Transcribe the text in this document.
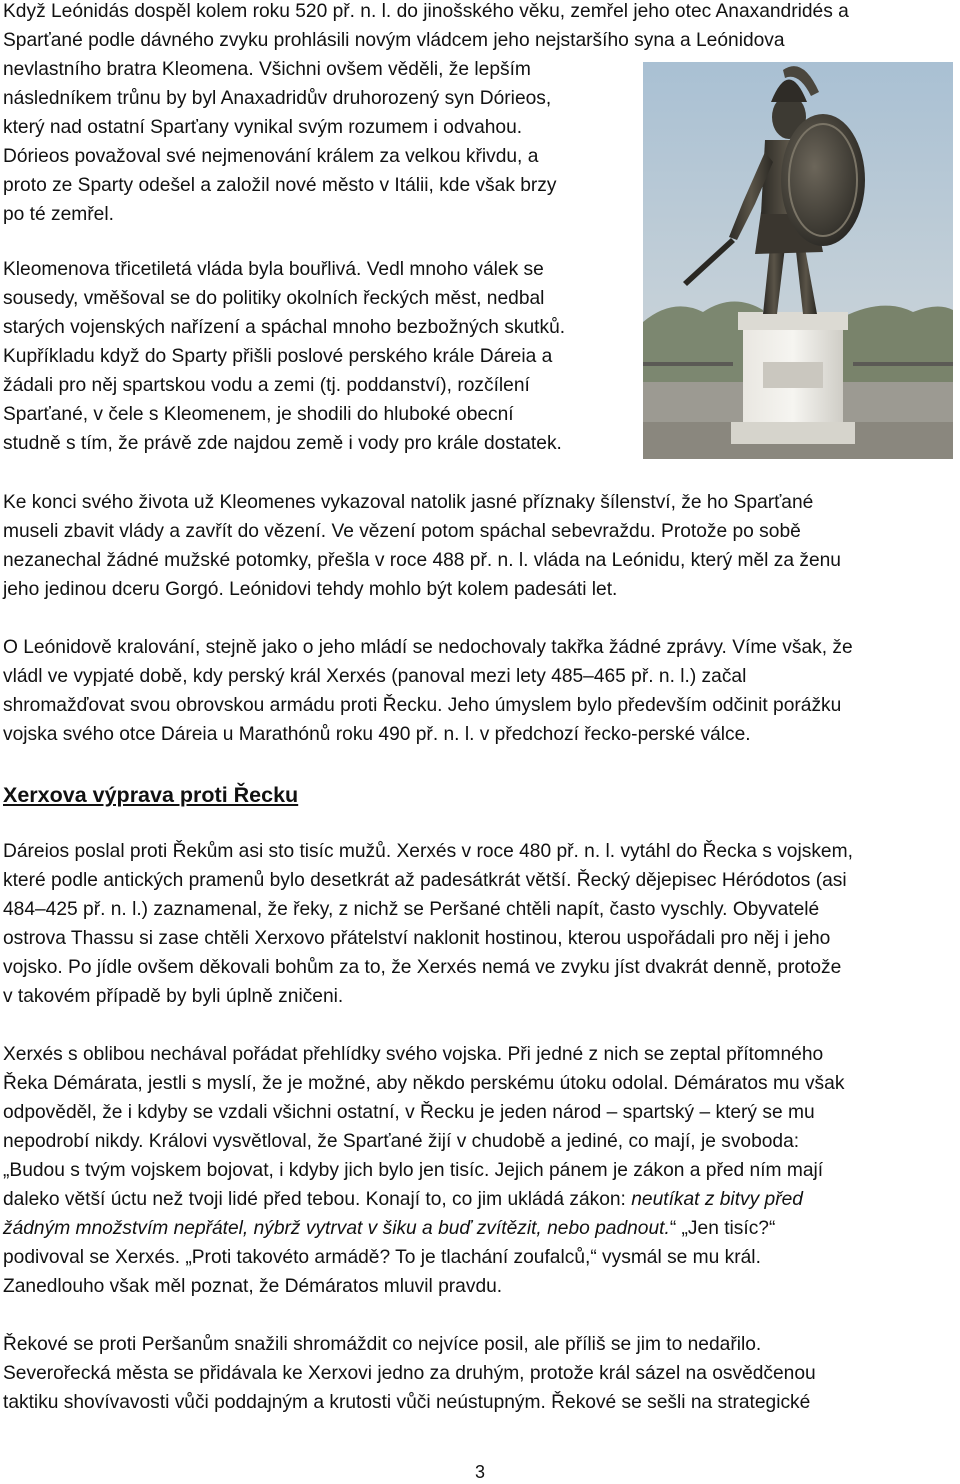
Když Leónidás dospěl kolem roku 520 př. n. l. do jinošského věku, zemřel jeho otec Anaxandridés a
Sparťané podle dávného zvyku prohlásili novým vládcem jeho nejstaršího syna a Leónidova
nevlastního bratra Kleomena. Všichni ovšem věděli, že lepším
následníkem trůnu by byl Anaxadridův druhorozený syn Dórieos,
který nad ostatní Sparťany vynikal svým rozumem i odvahou.
Dórieos považoval své nejmenování králem za velkou křivdu, a
proto ze Sparty odešel a založil nové město v Itálii, kde však brzy
po té zemřel.
Kleomenova třicetiletá vláda byla bouřlivá. Vedl mnoho válek se
sousedy, vměšoval se do politiky okolních řeckých měst, nedbal
starých vojenských nařízení a spáchal mnoho bezbožných skutků.
Kupříkladu když do Sparty přišli poslové perského krále Dáreia a
žádali pro něj spartskou vodu a zemi (tj. poddanství), rozčílení
Sparťané, v čele s Kleomenem, je shodili do hluboké obecní
studně s tím, že právě zde najdou země i vody pro krále dostatek.
Ke konci svého života už Kleomenes vykazoval natolik jasné příznaky šílenství, že ho Sparťané
museli zbavit vlády a zavřít do vězení. Ve vězení potom spáchal sebevraždu. Protože po sobě
nezanechal žádné mužské potomky, přešla v roce 488 př. n. l. vláda na Leónidu, který měl za ženu
jeho jedinou dceru Gorgó. Leónidovi tehdy mohlo být kolem padesáti let.
O Leónidově kralování, stejně jako o jeho mládí se nedochovaly takřka žádné zprávy. Víme však, že
vládl ve vypjaté době, kdy perský král Xerxés (panoval mezi lety 485–465 př. n. l.) začal
shromažďovat svou obrovskou armádu proti Řecku. Jeho úmyslem bylo především odčinit porážku
vojska svého otce Dáreia u Marathónů roku 490 př. n. l. v předchozí řecko-perské válce.
Xerxova výprava proti Řecku
Dáreios poslal proti Řekům asi sto tisíc mužů. Xerxés v roce 480 př. n. l. vytáhl do Řecka s vojskem,
které podle antických pramenů bylo desetkrát až padesátkrát větší. Řecký dějepisec Héródotos (asi
484–425 př. n. l.) zaznamenal, že řeky, z nichž se Peršané chtěli napít, často vyschly. Obyvatelé
ostrova Thassu si zase chtěli Xerxovo přátelství naklonit hostinou, kterou uspořádali pro něj i jeho
vojsko. Po jídle ovšem děkovali bohům za to, že Xerxés nemá ve zvyku jíst dvakrát denně, protože
v takovém případě by byli úplně zničeni.
Xerxés s oblibou nechával pořádat přehlídky svého vojska. Při jedné z nich se zeptal přítomného
Řeka Démárata, jestli s myslí, že je možné, aby někdo perskému útoku odolal. Démáratos mu však
odpověděl, že i kdyby se vzdali všichni ostatní, v Řecku je jeden národ – spartský – který se mu
nepodrobí nikdy. Královi vysvětloval, že Sparťané žijí v chudobě a jediné, co mají, je svoboda:
„Budou s tvým vojskem bojovat, i kdyby jich bylo jen tisíc. Jejich pánem je zákon a před ním mají
daleko větší úctu než tvoji lidé před tebou. Konají to, co jim ukládá zákon: neutíkat z bitvy před
žádným množstvím nepřátel, nýbrž vytrvat v šiku a buď zvítězit, nebo padnout.“ „Jen tisíc?“
podivoval se Xerxés. „Proti takovéto armádě? To je tlachání zoufalců,“ vysmál se mu král.
Zanedlouho však měl poznat, že Démáratos mluvil pravdu.
Řekové se proti Peršanům snažili shromáždit co nejvíce posil, ale příliš se jim to nedařilo.
Severořecká města se přidávala ke Xerxovi jedno za druhým, protože král sázel na osvědčenou
taktiku shovívavosti vůči poddajným a krutosti vůči neústupným. Řekové se sešli na strategické
3
